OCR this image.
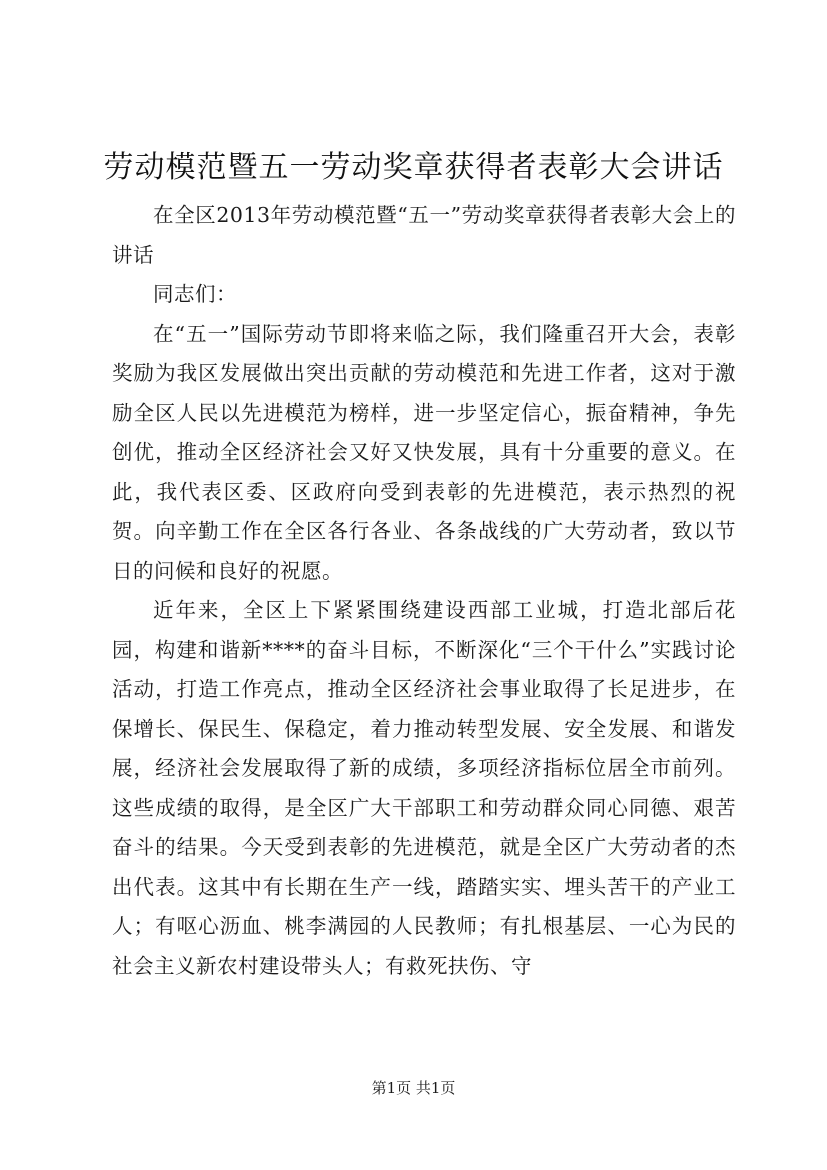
劳动模范暨五一劳动奖章获得者表彰大会讲话

在全区2013年劳动模范暨“五一”劳动奖章获得者表彰大会上的讲话

同志们：

在“五一”国际劳动节即将来临之际，我们隆重召开大会，表彰奖励为我区发展做出突出贡献的劳动模范和先进工作者，这对于激励全区人民以先进模范为榜样，进一步坚定信心，振奋精神，争先创优，推动全区经济社会又好又快发展，具有十分重要的意义。在此，我代表区委、区政府向受到表彰的先进模范，表示热烈的祝贺。向辛勤工作在全区各行各业、各条战线的广大劳动者，致以节日的问候和良好的祝愿。

近年来，全区上下紧紧围绕建设西部工业城，打造北部后花园，构建和谐新****的奋斗目标，不断深化“三个干什么”实践讨论活动，打造工作亮点，推动全区经济社会事业取得了长足进步，在保增长、保民生、保稳定，着力推动转型发展、安全发展、和谐发展，经济社会发展取得了新的成绩，多项经济指标位居全市前列。这些成绩的取得，是全区广大干部职工和劳动群众同心同德、艰苦奋斗的结果。今天受到表彰的先进模范，就是全区广大劳动者的杰出代表。这其中有长期在生产一线，踏踏实实、埋头苦干的产业工人；有呕心沥血、桃李满园的人民教师；有扎根基层、一心为民的社会主义新农村建设带头人；有救死扶伤、守

第1页 共1页
